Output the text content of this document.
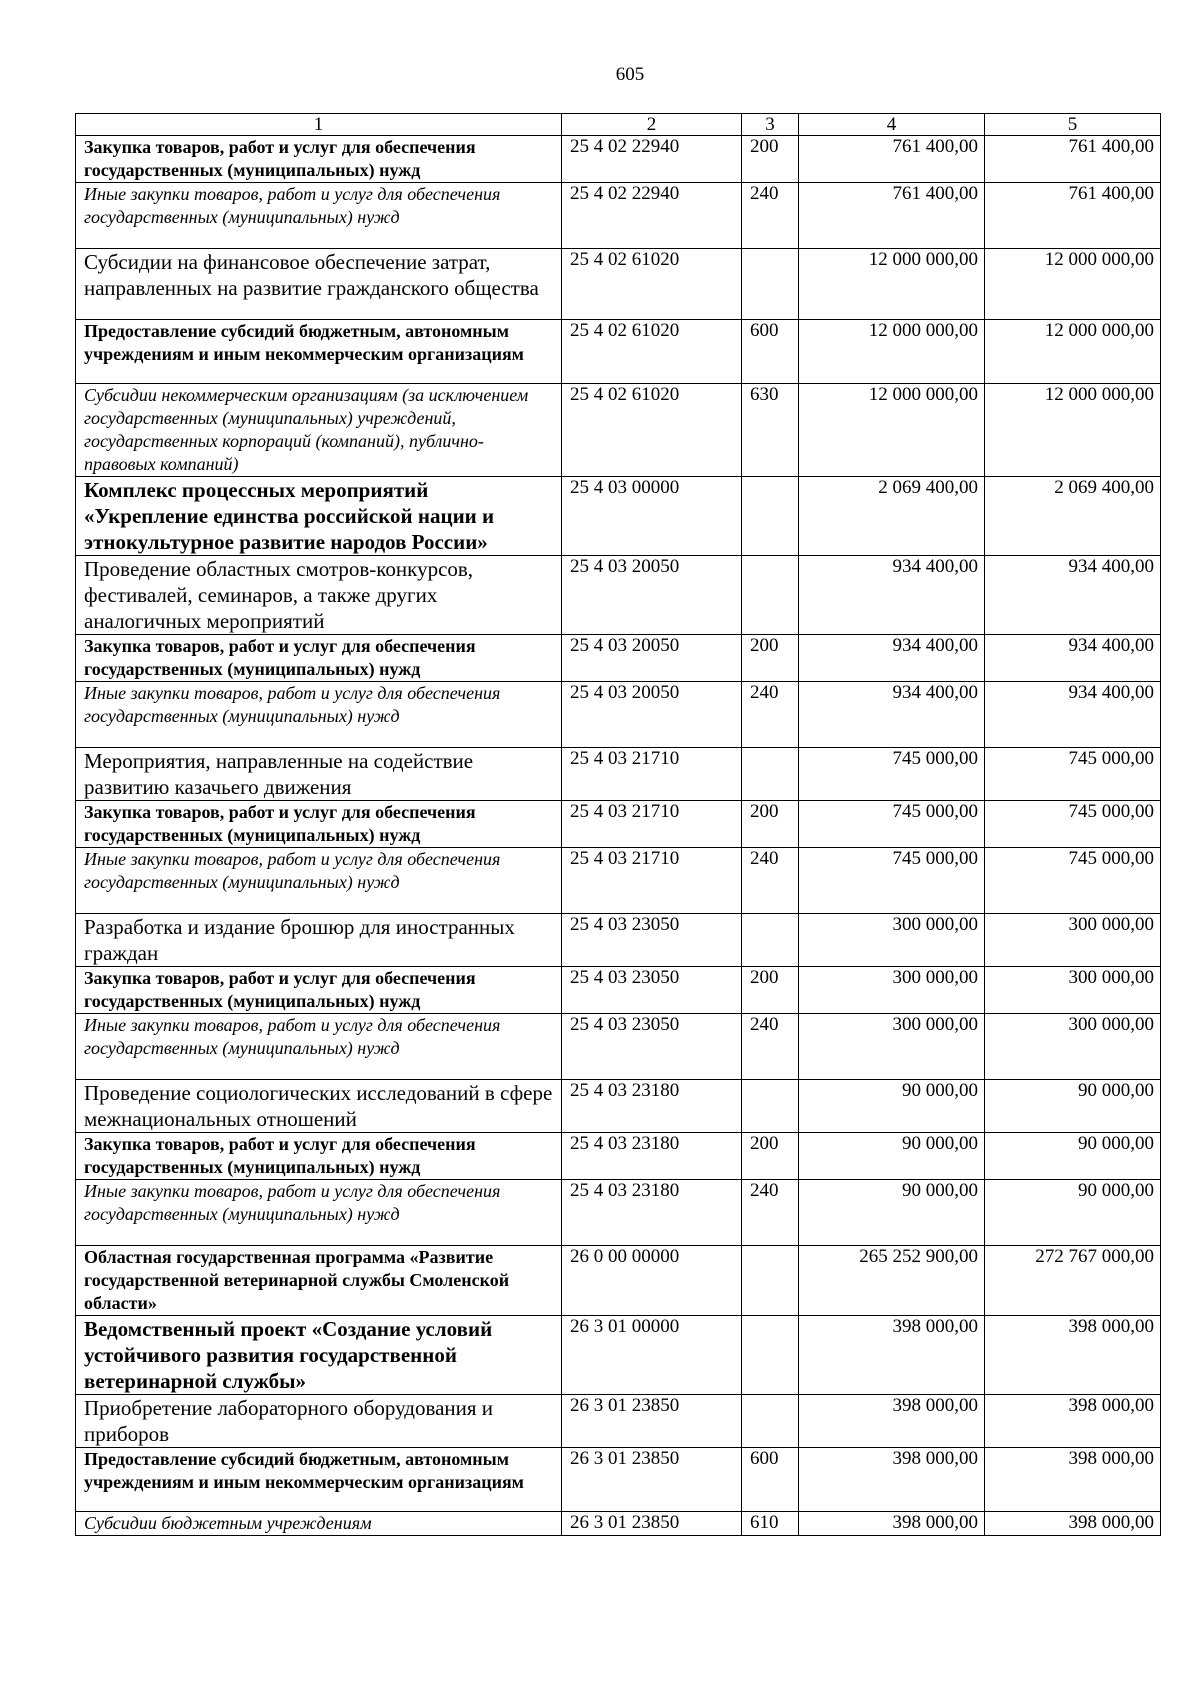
605
1	2	3	4	5
Закупка товаров, работ и услуг для обеспечения государственных (муниципальных) нужд	25 4 02 22940	200	761 400,00	761 400,00
Иные закупки товаров, работ и услуг для обеспечения государственных (муниципальных) нужд	25 4 02 22940	240	761 400,00	761 400,00
Субсидии на финансовое обеспечение затрат, направленных на развитие гражданского общества	25 4 02 61020		12 000 000,00	12 000 000,00
Предоставление субсидий бюджетным, автономным учреждениям и иным некоммерческим организациям	25 4 02 61020	600	12 000 000,00	12 000 000,00
Субсидии некоммерческим организациям (за исключением государственных (муниципальных) учреждений, государственных корпораций (компаний), публично-правовых компаний)	25 4 02 61020	630	12 000 000,00	12 000 000,00
Комплекс процессных мероприятий «Укрепление единства российской нации и этнокультурное развитие народов России»	25 4 03 00000		2 069 400,00	2 069 400,00
Проведение областных смотров-конкурсов, фестивалей, семинаров, а также других аналогичных мероприятий	25 4 03 20050		934 400,00	934 400,00
Закупка товаров, работ и услуг для обеспечения государственных (муниципальных) нужд	25 4 03 20050	200	934 400,00	934 400,00
Иные закупки товаров, работ и услуг для обеспечения государственных (муниципальных) нужд	25 4 03 20050	240	934 400,00	934 400,00
Мероприятия, направленные на содействие развитию казачьего движения	25 4 03 21710		745 000,00	745 000,00
Закупка товаров, работ и услуг для обеспечения государственных (муниципальных) нужд	25 4 03 21710	200	745 000,00	745 000,00
Иные закупки товаров, работ и услуг для обеспечения государственных (муниципальных) нужд	25 4 03 21710	240	745 000,00	745 000,00
Разработка и издание брошюр для иностранных граждан	25 4 03 23050		300 000,00	300 000,00
Закупка товаров, работ и услуг для обеспечения государственных (муниципальных) нужд	25 4 03 23050	200	300 000,00	300 000,00
Иные закупки товаров, работ и услуг для обеспечения государственных (муниципальных) нужд	25 4 03 23050	240	300 000,00	300 000,00
Проведение социологических исследований в сфере межнациональных отношений	25 4 03 23180		90 000,00	90 000,00
Закупка товаров, работ и услуг для обеспечения государственных (муниципальных) нужд	25 4 03 23180	200	90 000,00	90 000,00
Иные закупки товаров, работ и услуг для обеспечения государственных (муниципальных) нужд	25 4 03 23180	240	90 000,00	90 000,00
Областная государственная программа «Развитие государственной ветеринарной службы Смоленской области»	26 0 00 00000		265 252 900,00	272 767 000,00
Ведомственный проект «Создание условий устойчивого развития государственной ветеринарной службы»	26 3 01 00000		398 000,00	398 000,00
Приобретение лабораторного оборудования и приборов	26 3 01 23850		398 000,00	398 000,00
Предоставление субсидий бюджетным, автономным учреждениям и иным некоммерческим организациям	26 3 01 23850	600	398 000,00	398 000,00
Субсидии бюджетным учреждениям	26 3 01 23850	610	398 000,00	398 000,00
